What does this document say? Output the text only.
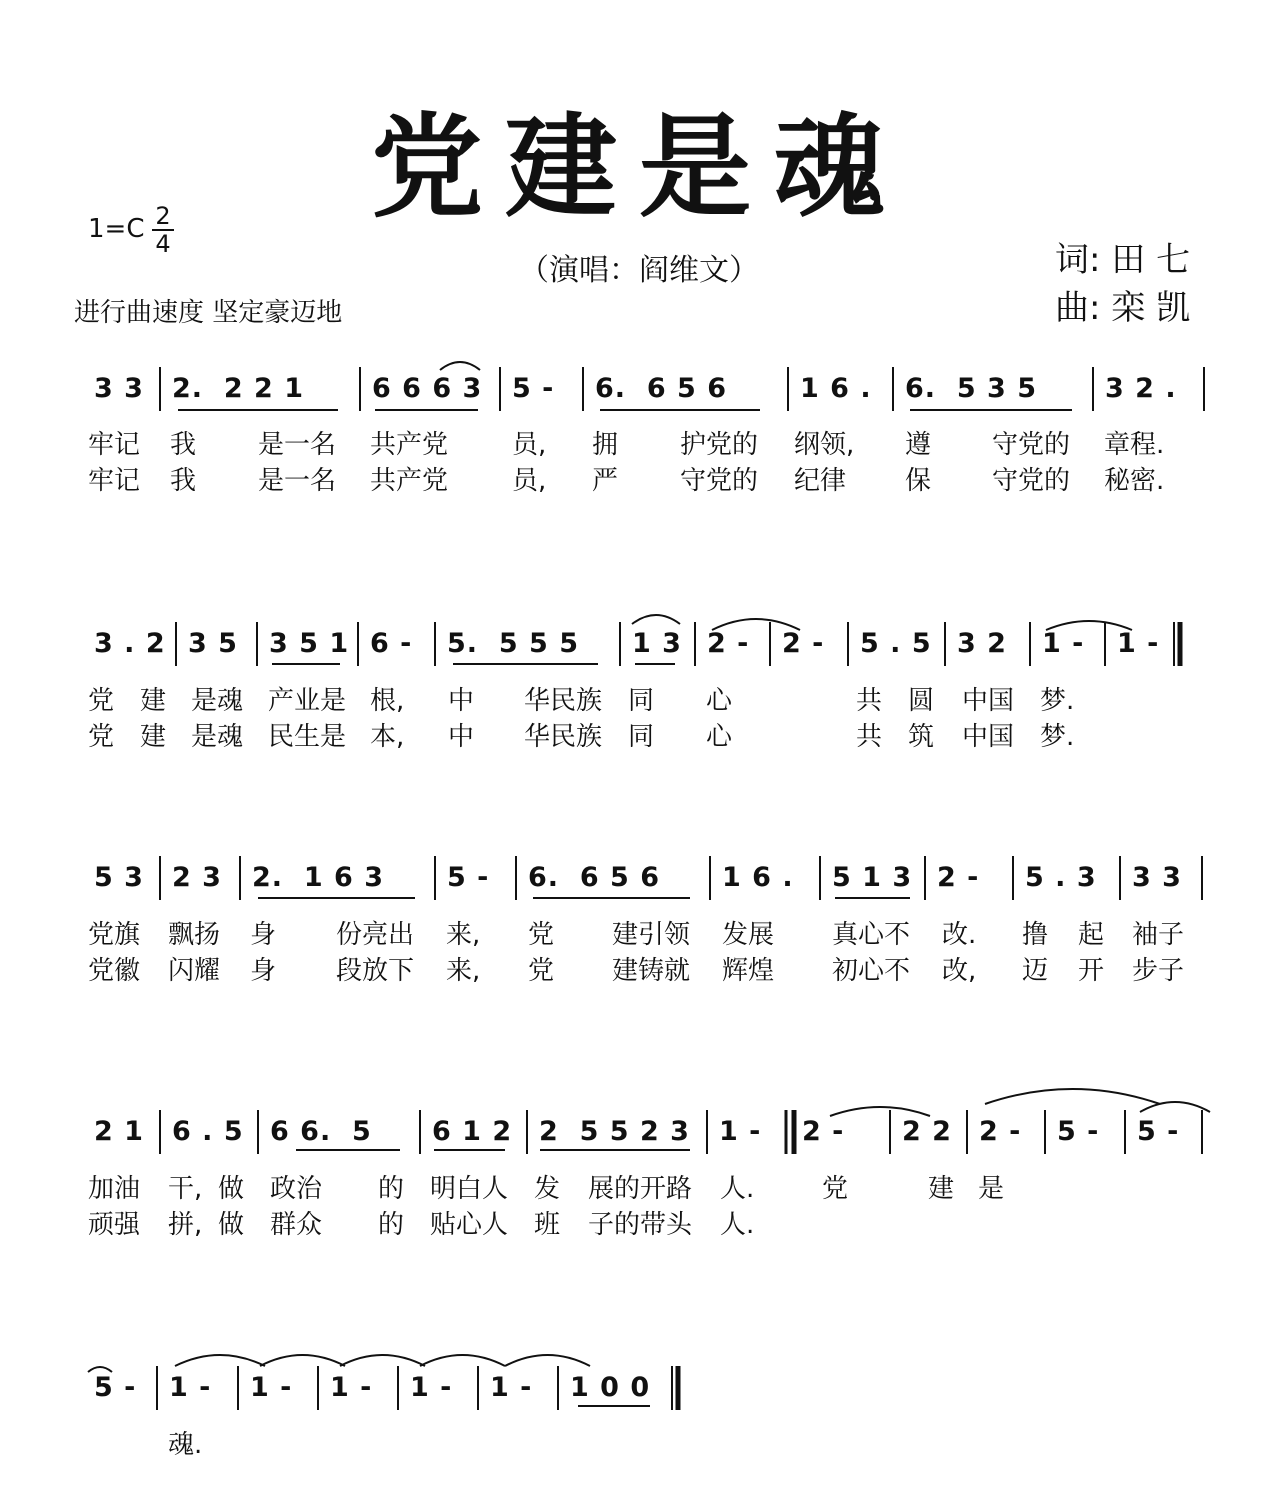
党建是魂
1=C 2
4
（演唱：阎维文）
进行曲速度 坚定豪迈地
词: 田 七
曲: 栾 凯
3 3 2.  2 2 1	6 6 6 3 5 - 6.  6 5 6	1 6 . 6.  5 3 5	3 2 .
牢记 我 是一名 共产党 员, 拥 护党的 纲领, 遵 守党的 章程.
牢记 我 是一名 共产党 员, 严 守党的 纪律 保 守党的 秘密.
3 . 2 3 5 3 5 1 6 - 5.  5 5 5 1 3 2 - 2 - 5 . 5 3 2 1 - 1 -
党 建 是魂 产业是 根, 中 华民族 同 心	共 圆 中国 梦.
党 建 是魂 民生是 本, 中 华民族 同 心	共 筑 中国 梦.
5 3 2 3 2.  1 6 3 5 - 6.  6 5 6 1 6 . 5 1 3 2 - 5 . 3 3 3
党旗 飘扬 身 份亮出 来, 党 建引领 发展 真心不 改. 撸 起 袖子
党徽 闪耀 身 段放下 来, 党 建铸就 辉煌 初心不 改, 迈 开 步子
2 1 6 . 5 6 6.  5 6 1 2 2  5 5 2 3 1 - 2 - 2 2 2 - 5 - 5 -
加油 干, 做 政治 的 明白人 发 展的开路 人.	党	建 是
顽强 拼, 做 群众 的 贴心人 班 子的带头 人.
5 - 1 - 1 - 1 - 1 - 1 - 1 0 0
魂.
